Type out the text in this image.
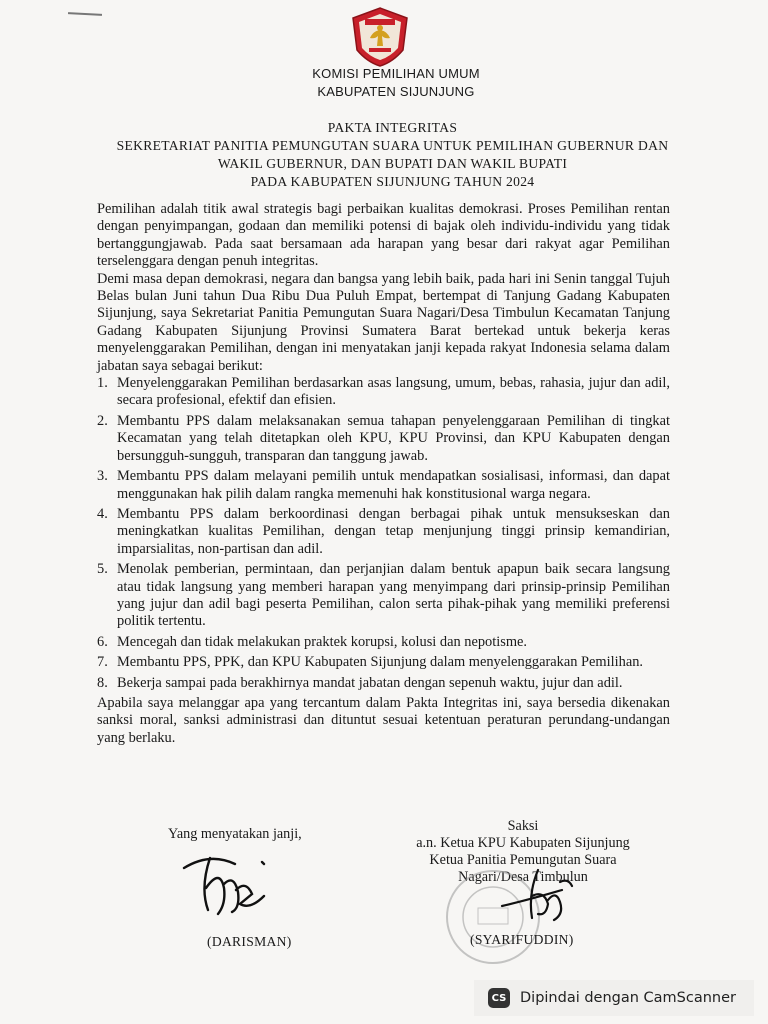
KOMISI PEMILIHAN UMUM
KABUPATEN SIJUNJUNG
PAKTA INTEGRITAS
SEKRETARIAT PANITIA PEMUNGUTAN SUARA UNTUK PEMILIHAN GUBERNUR DAN
WAKIL GUBERNUR, DAN BUPATI DAN WAKIL BUPATI
PADA KABUPATEN SIJUNJUNG TAHUN 2024

Pemilihan adalah titik awal strategis bagi perbaikan kualitas demokrasi. Proses Pemilihan rentan dengan penyimpangan, godaan dan memiliki potensi di bajak oleh individu-individu yang tidak bertanggungjawab. Pada saat bersamaan ada harapan yang besar dari rakyat agar Pemilihan terselenggara dengan penuh integritas.

Demi masa depan demokrasi, negara dan bangsa yang lebih baik, pada hari ini Senin tanggal Tujuh Belas bulan Juni tahun Dua Ribu Dua Puluh Empat, bertempat di Tanjung Gadang Kabupaten Sijunjung, saya Sekretariat Panitia Pemungutan Suara Nagari/Desa Timbulun Kecamatan Tanjung Gadang Kabupaten Sijunjung Provinsi Sumatera Barat bertekad untuk bekerja keras menyelenggarakan Pemilihan, dengan ini menyatakan janji kepada rakyat Indonesia selama dalam jabatan saya sebagai berikut:

1. Menyelenggarakan Pemilihan berdasarkan asas langsung, umum, bebas, rahasia, jujur dan adil, secara profesional, efektif dan efisien.
2. Membantu PPS dalam melaksanakan semua tahapan penyelenggaraan Pemilihan di tingkat Kecamatan yang telah ditetapkan oleh KPU, KPU Provinsi, dan KPU Kabupaten dengan bersungguh-sungguh, transparan dan tanggung jawab.
3. Membantu PPS dalam melayani pemilih untuk mendapatkan sosialisasi, informasi, dan dapat menggunakan hak pilih dalam rangka memenuhi hak konstitusional warga negara.
4. Membantu PPS dalam berkoordinasi dengan berbagai pihak untuk mensukseskan dan meningkatkan kualitas Pemilihan, dengan tetap menjunjung tinggi prinsip kemandirian, imparsialitas, non-partisan dan adil.
5. Menolak pemberian, permintaan, dan perjanjian dalam bentuk apapun baik secara langsung atau tidak langsung yang memberi harapan yang menyimpang dari prinsip-prinsip Pemilihan yang jujur dan adil bagi peserta Pemilihan, calon serta pihak-pihak yang memiliki preferensi politik tertentu.
6. Mencegah dan tidak melakukan praktek korupsi, kolusi dan nepotisme.
7. Membantu PPS, PPK, dan KPU Kabupaten Sijunjung dalam menyelenggarakan Pemilihan.
8. Bekerja sampai pada berakhirnya mandat jabatan dengan sepenuh waktu, jujur dan adil.

Apabila saya melanggar apa yang tercantum dalam Pakta Integritas ini, saya bersedia dikenakan sanksi moral, sanksi administrasi dan dituntut sesuai ketentuan peraturan perundang-undangan yang berlaku.

Yang menyatakan janji,	Saksi
a.n. Ketua KPU Kabupaten Sijunjung
Ketua Panitia Pemungutan Suara
Nagari/Desa Timbulun
(DARISMAN)	(SYARIFUDDIN)
CS Dipindai dengan CamScanner
